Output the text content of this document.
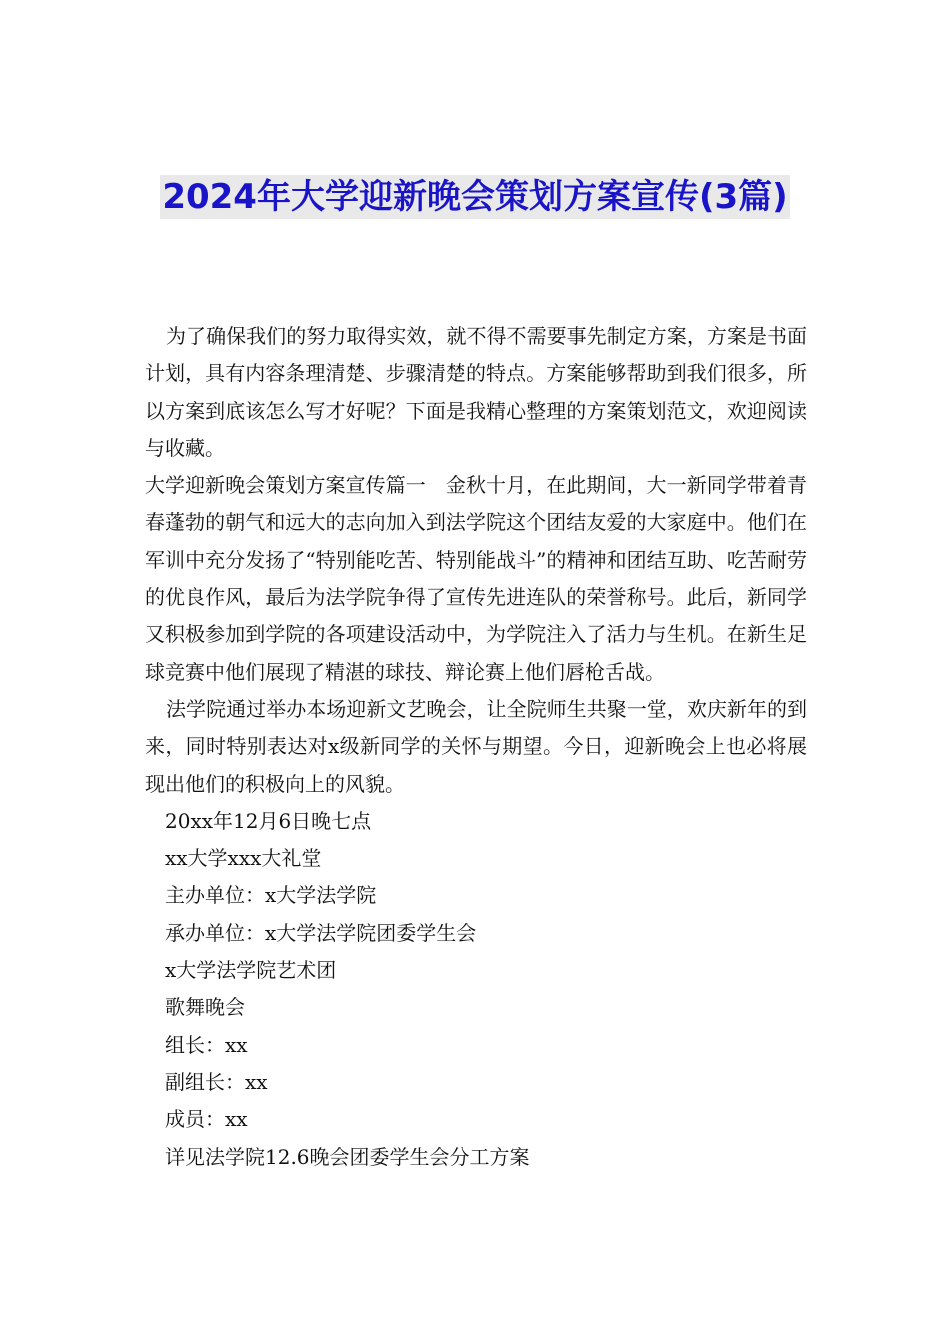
2024年大学迎新晚会策划方案宣传(3篇)

为了确保我们的努力取得实效，就不得不需要事先制定方案，方案是书面计划，具有内容条理清楚、步骤清楚的特点。方案能够帮助到我们很多，所以方案到底该怎么写才好呢？下面是我精心整理的方案策划范文，欢迎阅读与收藏。

大学迎新晚会策划方案宣传篇一　金秋十月，在此期间，大一新同学带着青春蓬勃的朝气和远大的志向加入到法学院这个团结友爱的大家庭中。他们在军训中充分发扬了“特别能吃苦、特别能战斗”的精神和团结互助、吃苦耐劳的优良作风，最后为法学院争得了宣传先进连队的荣誉称号。此后，新同学又积极参加到学院的各项建设活动中，为学院注入了活力与生机。在新生足球竞赛中他们展现了精湛的球技、辩论赛上他们唇枪舌战。

法学院通过举办本场迎新文艺晚会，让全院师生共聚一堂，欢庆新年的到来，同时特别表达对x级新同学的关怀与期望。今日，迎新晚会上也必将展现出他们的积极向上的风貌。

20xx年12月6日晚七点

xx大学xxx大礼堂

主办单位：x大学法学院

承办单位：x大学法学院团委学生会

x大学法学院艺术团

歌舞晚会

组长：xx

副组长：xx

成员：xx

详见法学院12.6晚会团委学生会分工方案
